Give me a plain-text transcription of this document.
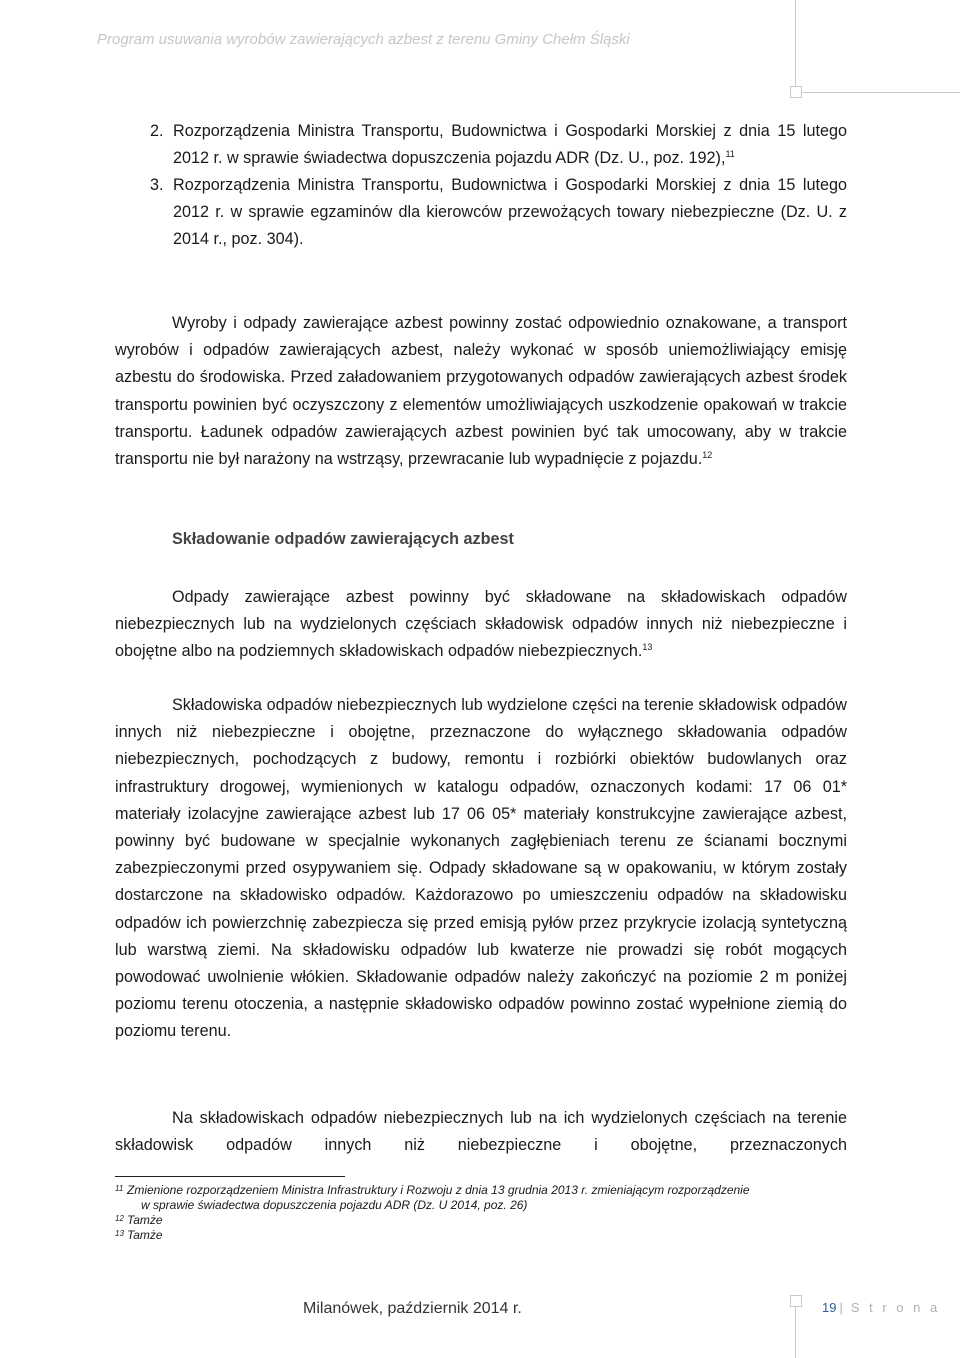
Program usuwania wyrobów zawierających azbest z terenu Gminy Chełm Śląski
2. Rozporządzenia Ministra Transportu, Budownictwa i Gospodarki Morskiej z dnia 15 lutego 2012 r. w sprawie świadectwa dopuszczenia pojazdu ADR (Dz. U., poz. 192),$^{11}$
3. Rozporządzenia Ministra Transportu, Budownictwa i Gospodarki Morskiej z dnia 15 lutego 2012 r. w sprawie egzaminów dla kierowców przewożących towary niebezpieczne (Dz. U. z 2014 r., poz. 304).

Wyroby i odpady zawierające azbest powinny zostać odpowiednio oznakowane, a transport wyrobów i odpadów zawierających azbest, należy wykonać w sposób uniemożliwiający emisję azbestu do środowiska. Przed załadowaniem przygotowanych odpadów zawierających azbest środek transportu powinien być oczyszczony z elementów umożliwiających uszkodzenie opakowań w trakcie transportu. Ładunek odpadów zawierających azbest powinien być tak umocowany, aby w trakcie transportu nie był narażony na wstrząsy, przewracanie lub wypadnięcie z pojazdu.$^{12}$

Składowanie odpadów zawierających azbest

Odpady zawierające azbest powinny być składowane na składowiskach odpadów niebezpiecznych lub na wydzielonych częściach składowisk odpadów innych niż niebezpieczne i obojętne albo na podziemnych składowiskach odpadów niebezpiecznych.$^{13}$

Składowiska odpadów niebezpiecznych lub wydzielone części na terenie składowisk odpadów innych niż niebezpieczne i obojętne, przeznaczone do wyłącznego składowania odpadów niebezpiecznych, pochodzących z budowy, remontu i rozbiórki obiektów budowlanych oraz infrastruktury drogowej, wymienionych w katalogu odpadów, oznaczonych kodami: 17 06 01* materiały izolacyjne zawierające azbest lub 17 06 05* materiały konstrukcyjne zawierające azbest, powinny być budowane w specjalnie wykonanych zagłębieniach terenu ze ścianami bocznymi zabezpieczonymi przed osypywaniem się. Odpady składowane są w opakowaniu, w którym zostały dostarczone na składowisko odpadów. Każdorazowo po umieszczeniu odpadów na składowisku odpadów ich powierzchnię zabezpiecza się przed emisją pyłów przez przykrycie izolacją syntetyczną lub warstwą ziemi. Na składowisku odpadów lub kwaterze nie prowadzi się robót mogących powodować uwolnienie włókien. Składowanie odpadów należy zakończyć na poziomie 2 m poniżej poziomu terenu otoczenia, a następnie składowisko odpadów powinno zostać wypełnione ziemią do poziomu terenu.

Na składowiskach odpadów niebezpiecznych lub na ich wydzielonych częściach na terenie składowisk odpadów innych niż niebezpieczne i obojętne, przeznaczonych

11 Zmienione rozporządzeniem Ministra Infrastruktury i Rozwoju z dnia 13 grudnia 2013 r. zmieniającym rozporządzenie
w sprawie świadectwa dopuszczenia pojazdu ADR (Dz. U 2014, poz. 26)
12 Tamże
13 Tamże
Milanówek, październik 2014 r.	19 | S t r o n a
